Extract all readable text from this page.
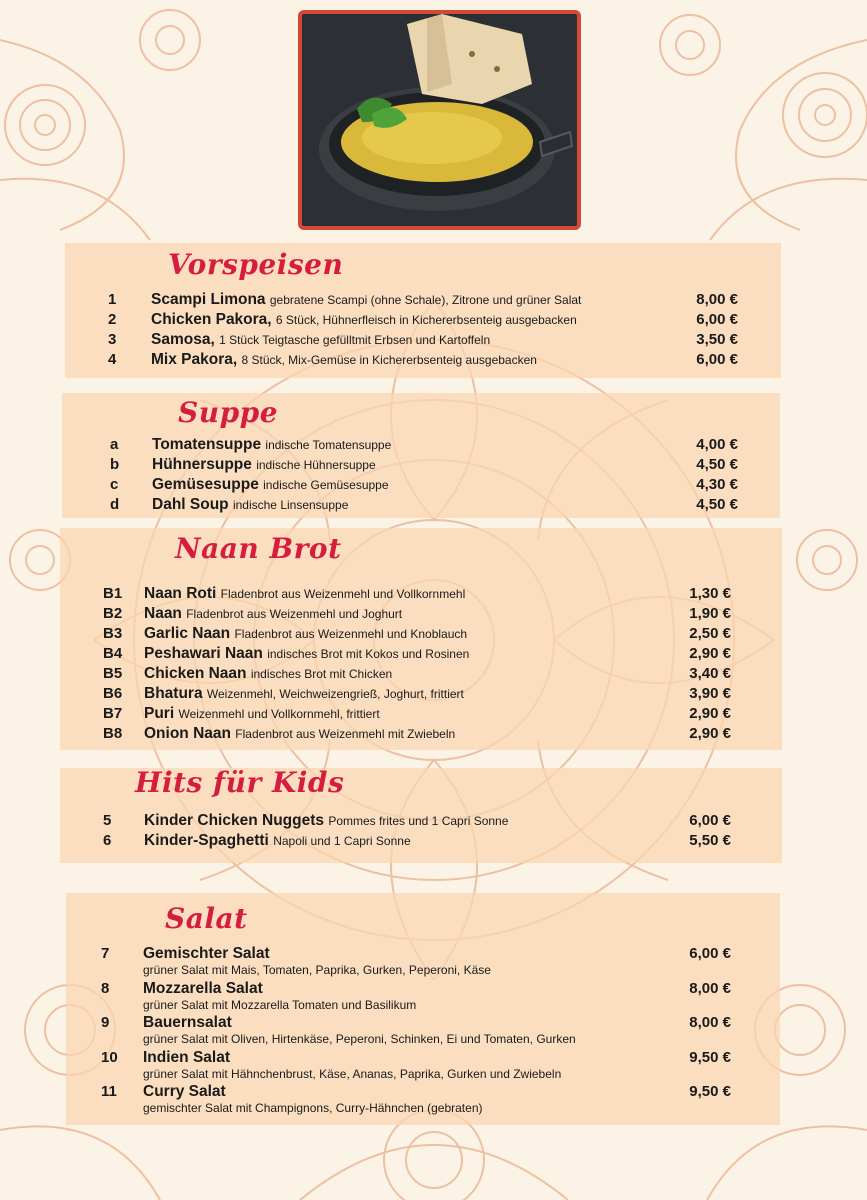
Vorspeisen
1 Scampi Limona gebratene Scampi (ohne Schale), Zitrone und grüner Salat	8,00 €
2 Chicken Pakora, 6 Stück, Hühnerfleisch in Kichererbsenteig ausgebacken	6,00 €
3 Samosa, 1 Stück Teigtasche gefülltmit Erbsen und Kartoffeln	3,50 €
4 Mix Pakora, 8 Stück, Mix-Gemüse in Kichererbsenteig ausgebacken	6,00 €
Suppe
a Tomatensuppe indische Tomatensuppe	4,00 €
b Hühnersuppe indische Hühnersuppe	4,50 €
c Gemüsesuppe indische Gemüsesuppe	4,30 €
d Dahl Soup indische Linsensuppe	4,50 €
Naan Brot
B1 Naan Roti Fladenbrot aus Weizenmehl und Vollkornmehl	1,30 €
B2 Naan Fladenbrot aus Weizenmehl und Joghurt	1,90 €
B3 Garlic Naan Fladenbrot aus Weizenmehl und Knoblauch	2,50 €
B4 Peshawari Naan indisches Brot mit Kokos und Rosinen	2,90 €
B5 Chicken Naan indisches Brot mit Chicken	3,40 €
B6 Bhatura Weizenmehl, Weichweizengrieß, Joghurt, frittiert	3,90 €
B7 Puri Weizenmehl und Vollkornmehl, frittiert	2,90 €
B8 Onion Naan Fladenbrot aus Weizenmehl mit Zwiebeln	2,90 €
Hits für Kids
5 Kinder Chicken Nuggets Pommes frites und 1 Capri Sonne	6,00 €
6 Kinder-Spaghetti Napoli und 1 Capri Sonne	5,50 €
Salat
7 Gemischter Salat	6,00 €
grüner Salat mit Mais, Tomaten, Paprika, Gurken, Peperoni, Käse
8 Mozzarella Salat	8,00 €
grüner Salat mit Mozzarella Tomaten und Basilikum
9 Bauernsalat	8,00 €
grüner Salat mit Oliven, Hirtenkäse, Peperoni, Schinken, Ei und Tomaten, Gurken
10 Indien Salat	9,50 €
grüner Salat mit Hähnchenbrust, Käse, Ananas, Paprika, Gurken und Zwiebeln
11 Curry Salat	9,50 €
gemischter Salat mit Champignons, Curry-Hähnchen (gebraten)
